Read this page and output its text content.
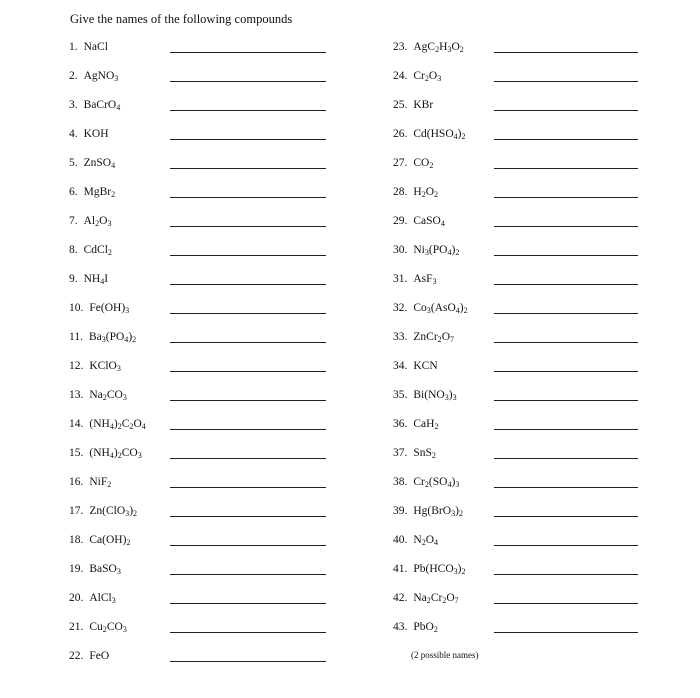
Give the names of the following compounds
1. NaCl
2. AgNO$_3$
3. BaCrO$_4$
4. KOH
5. ZnSO$_4$
6. MgBr$_2$
7. $Al_2O_3$
8. CdCl$_2$
9. $NH_4I$
10. $Fe(OH)_3$
11. $Ba_3(PO_4)_2$
12. KClO$_3$
13. $Na_2CO_3$
14. $(NH_4)_2C_2O_4$
15. $(NH_4)_2CO_3$
16. NiF$_2$
17. $Zn(ClO_3)_2$
18. $Ca(OH)_2$
19. BaSO$_3$
20. AlCl$_3$
21. $Cu_2CO_3$
22. FeO
23. $AgC_2H_3O_2$
24. $Cr_2O_3$
25. KBr
26. $Cd(HSO_4)_2$
27. $CO_2$
28. $H_2O_2$
29. CaSO$_4$
30. $Ni_3(PO_4)_2$
31. AsF$_3$
32. $Co_3(AsO_4)_2$
33. $ZnCr_2O_7$
34. KCN
35. $Bi(NO_3)_3$
36. CaH$_2$
37. SnS$_2$
38. $Cr_2(SO_4)_3$
39. $Hg(BrO_3)_2$
40. $N_2O_4$
41. $Pb(HCO_3)_2$
42. $Na_2Cr_2O_7$
43. PbO$_2$
(2 possible names)
